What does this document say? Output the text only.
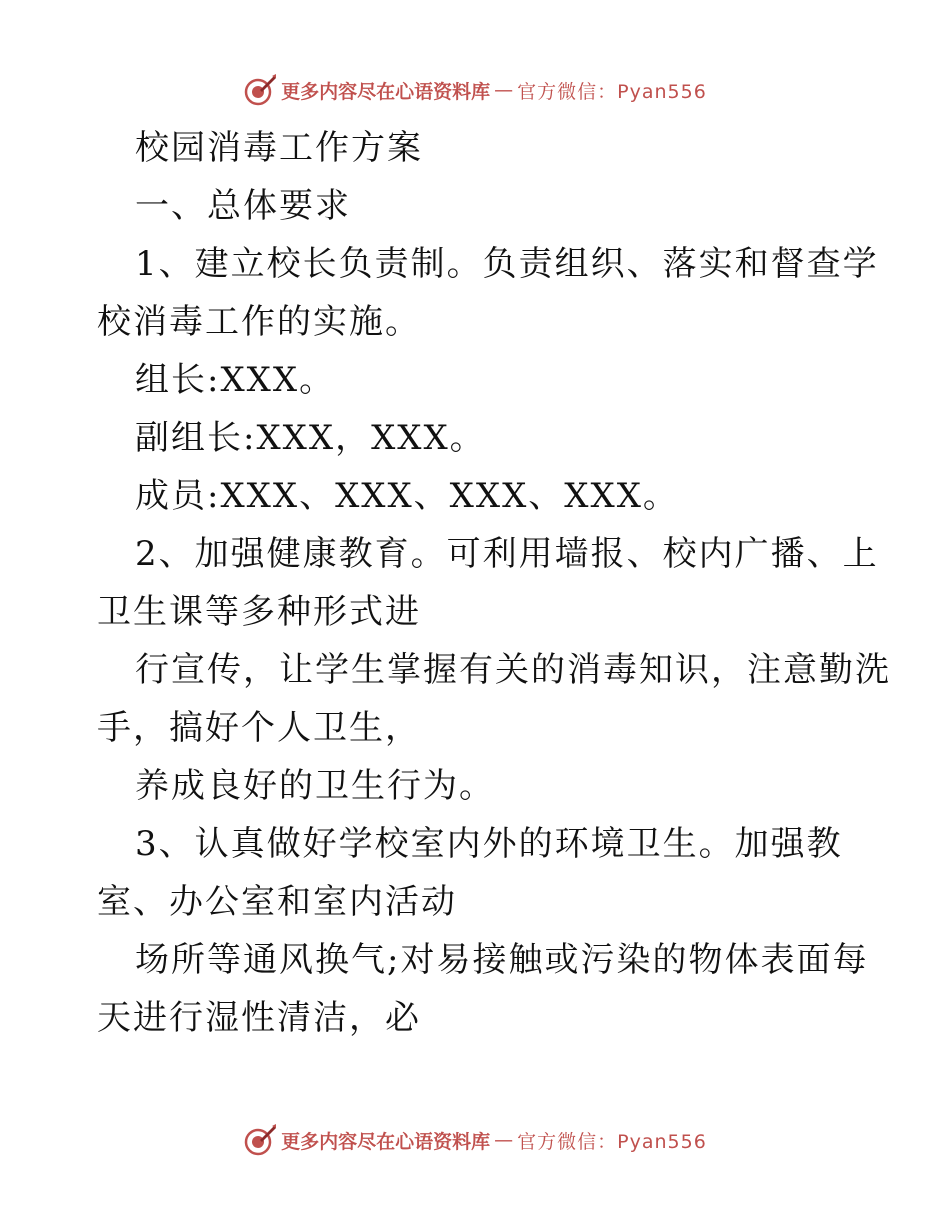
更多内容尽在心语资料库 — 官方微信：Pyan556
校园消毒工作方案
一、总体要求
1、建立校长负责制。负责组织、落实和督查学
校消毒工作的实施。
组长:XXX。
副组长:XXX，XXX。
成员:XXX、XXX、XXX、XXX。
2、加强健康教育。可利用墙报、校内广播、上
卫生课等多种形式进
行宣传，让学生掌握有关的消毒知识，注意勤洗
手，搞好个人卫生，
养成良好的卫生行为。
3、认真做好学校室内外的环境卫生。加强教
室、办公室和室内活动
场所等通风换气;对易接触或污染的物体表面每
天进行湿性清洁，必
更多内容尽在心语资料库 — 官方微信：Pyan556
